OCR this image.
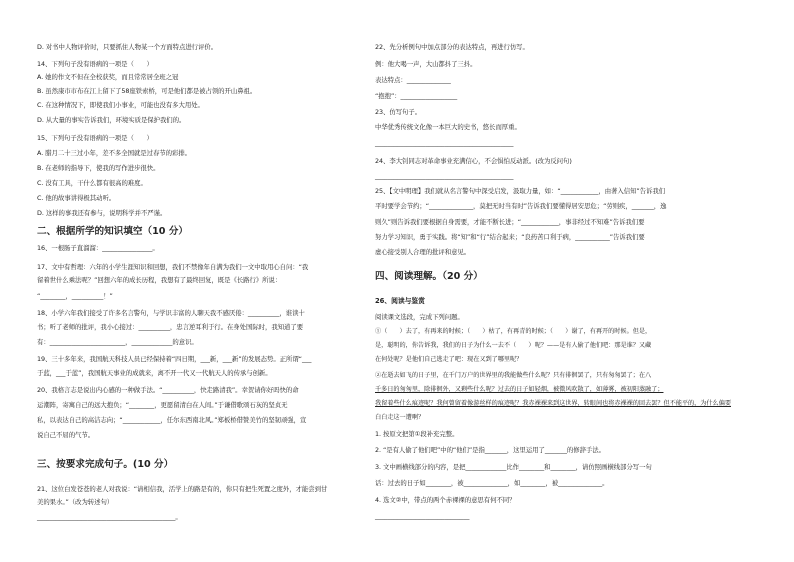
D. 对书中人物评价时，只要抓住人物某一个方面特点进行评价。
14、下列句子没有语病的一项是（　　）
A. 她的作文不但在全校获奖，而且常常居全班之冠
B. 虽然康市市布在江上留下了58座铁索桥，可是他们都是被占领的开山鼻祖。
C. 在这种情况下，即使我们小事业，可能也没有多大用处。
D. 从大量的事实告诉我们，环境实质是保护我们的。
15、下列句子没有语病的一项是（　　）
A. 腊月二十三过小年，差不多全国就是过春节的彩排。
B. 在老师的指导下，使我的写作进步很快。
C. 没有工具，干什么都有很高的难度。
C. 他的故事讲得极其动听。
D. 这样的事我还有参与，说明科学并不严谨。
16、一根肠子直溜溜：________________。
17、文中有哲理：六年的小学生涯知识和回想，我们不禁像年自满为我们一文中取用心自问：“我
留着世什么乘法呢？”回想六年的成长历程，我想有了最终回复，既是《长路行》所说：
“________，__________！”
18、小学六年我们接受了许多名言警句，与学识丰富的人聊天我不感厌倦：__________，谁读十
书；听了老师的批评，我小心接过：__________，忠言逆耳利于行。在身处国际时，我知道了要
有：________________________，_____________的意识。
19、三十多年来，我国航天科技人员已经保持着“四日期，___新，___新”的发展态势。正所谓“___
于蓝，___于蓝”，我国航天事业的成就来，离不开一代又一代航天人的传承与创新。
20、我格言志是说出内心感的一种做手法。“__________，快走路清我”。幸贺请你好吗快的命
运潮阵，寄寓自己的远大抱负；“________，更愿留清白在人间。”于谦借歌颂石灰的坚贞无
私，以表达自己的高洁志向；“____________，任尔东西南北风。”郑板桥借赞美竹的坚韧顽强，宣
说自己不屈的气节。
21、这位白发苍苍的老人对我说：“请相信我，活学上的路是有的，你只有把生死置之度外，才能尝到甘
美的果水。”（改为转述句）
____________________________________________。
二、根据所学的知识填空（10 分）
三、按要求完成句子。(10 分）
22、先分析例句中加点部分的表达特点，再进行仿写。
例：他大喝一声，大山都抖了三抖。
表达特点：______________
“抱抱”：__________________
23、仿写句子。
中华优秀传统文化像一本巨大的史书，悠长而厚重。
____________________________________________
24、李大钊同志对革命事业充满信心，不会惧怕反动派。(改为反问句)
____________________________________________
25、【文中明理】我们就从名言警句中深受启发，汲取力量，如：“____________，由著入信知”告诉我们
平时要学会节约；“______________，莫把无时当有时”告诉我们要懂得居安思危；“劳则疾，_______，逸
则久”则告诉我们要根据自身需要，才能不断长进；“____________，事非经过不知难”告诉我们要
努力学习知识，勇于实践。将“知”和“行”结合起来；“良药苦口利于病，___________”告诉我们要
虚心接受别人合理的批评和意见。
26、阅读与鉴赏
阅读课文选段，完成下列问题。
①（　　）去了，有再来的时候；（　　）枯了，有再青的时候；（　　）谢了，有再开的时候。但是，
是，聪明的，你告诉我，我们的日子为什么一去不（　　）呢？——是有人偷了他们吧：那是谁？又藏
在何处呢？是他们自己逃走了吧：现在又到了哪里呢？
②在逝去如飞的日子里，在千门万户的世界里的我能做些什么呢？只有徘徊罢了，只有匆匆罢了；在八
千多日的匆匆里，除徘徊外，又剩些什么呢？过去的日子如轻烟，被微风吹散了，如薄雾，被初阳蒸融了；
我留着些什么痕迹呢？我何曾留着像游丝样的痕迹呢？我赤裸裸来到这世界，转眼间也将赤裸裸的回去罢？但不能平的，为什么偏要
白白走这一遭啊？
1. 按原文把第①段补充完整。
2. “是有人偷了他们吧”中的“他们”是指_______，这里运用了_______的修辞手法。
3. 文中画横线部分的内容，是把_____________比作________和________，请仿照画横线部分写一句
话：过去的日子如________，被______________，如________，被______________。
4. 选文②中，带点的两个赤裸裸的意思有何不同？
______________________________
四、阅读理解。（20 分）
